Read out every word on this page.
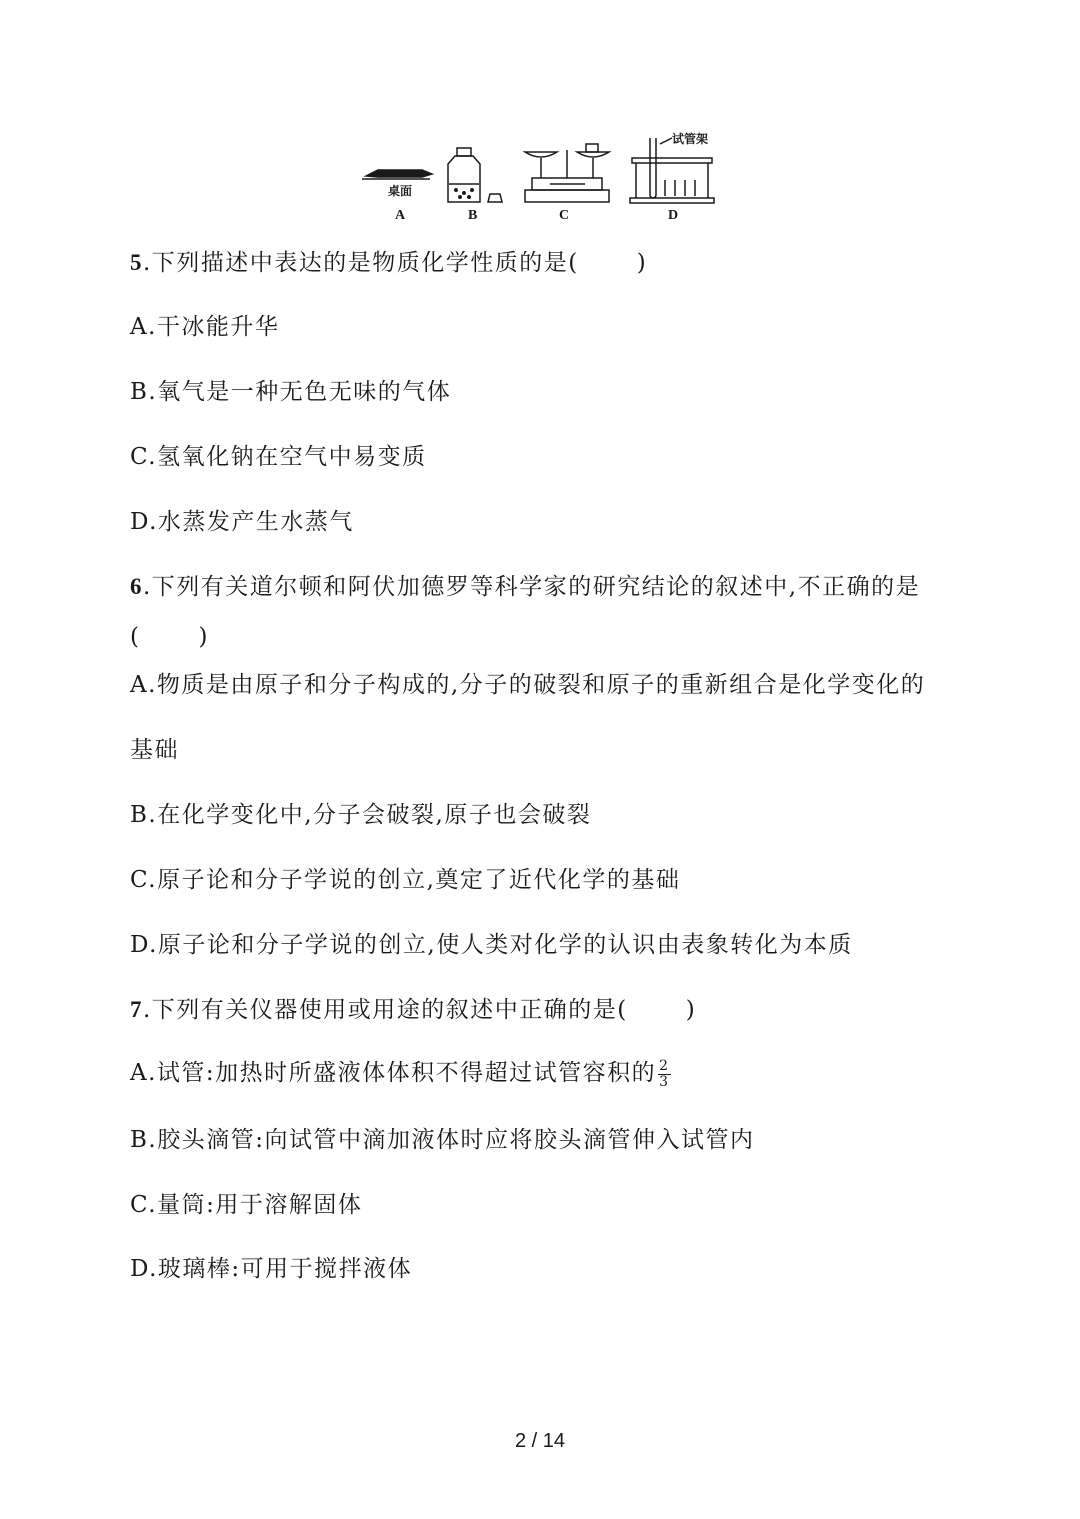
桌面
试管架
A	B	C	D
5.下列描述中表达的是物质化学性质的是(	)
A.干冰能升华
B.氧气是一种无色无味的气体
C.氢氧化钠在空气中易变质
D.水蒸发产生水蒸气
6.下列有关道尔顿和阿伏加德罗等科学家的研究结论的叙述中,不正确的是
(	)
A.物质是由原子和分子构成的,分子的破裂和原子的重新组合是化学变化的
基础
B.在化学变化中,分子会破裂,原子也会破裂
C.原子论和分子学说的创立,奠定了近代化学的基础
D.原子论和分子学说的创立,使人类对化学的认识由表象转化为本质
7.下列有关仪器使用或用途的叙述中正确的是(	)
A.试管:加热时所盛液体体积不得超过试管容积的 $\frac{2}{3}$
B.胶头滴管:向试管中滴加液体时应将胶头滴管伸入试管内
C.量筒:用于溶解固体
D.玻璃棒:可用于搅拌液体
2 / 14
